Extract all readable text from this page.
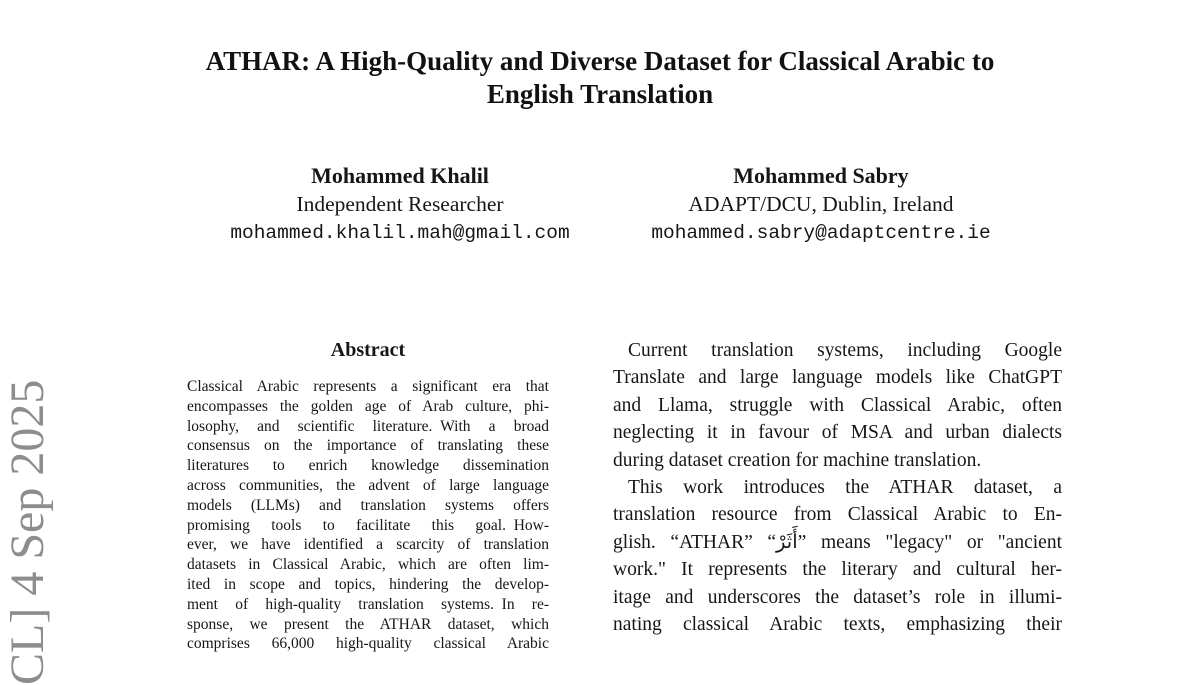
CL] 4 Sep 2025
ATHAR: A High-Quality and Diverse Dataset for Classical Arabic to
English Translation
Mohammed Khalil
Independent Researcher
mohammed.khalil.mah@gmail.com
Mohammed Sabry
ADAPT/DCU, Dublin, Ireland
mohammed.sabry@adaptcentre.ie
Abstract
Classical Arabic represents a significant era that
encompasses the golden age of Arab culture, phi-
losophy, and scientific literature. With a broad
consensus on the importance of translating these
literatures to enrich knowledge dissemination
across communities, the advent of large language
models (LLMs) and translation systems offers
promising tools to facilitate this goal. How-
ever, we have identified a scarcity of translation
datasets in Classical Arabic, which are often lim-
ited in scope and topics, hindering the develop-
ment of high-quality translation systems. In re-
sponse, we present the ATHAR dataset, which
comprises 66,000 high-quality classical Arabic
Current translation systems, including Google
Translate and large language models like ChatGPT
and Llama, struggle with Classical Arabic, often
neglecting it in favour of MSA and urban dialects
during dataset creation for machine translation.
This work introduces the ATHAR dataset, a
translation resource from Classical Arabic to En-
glish. “ATHAR” “أَثَرْ” means "legacy" or "ancient
work." It represents the literary and cultural her-
itage and underscores the dataset’s role in illumi-
nating classical Arabic texts, emphasizing their
